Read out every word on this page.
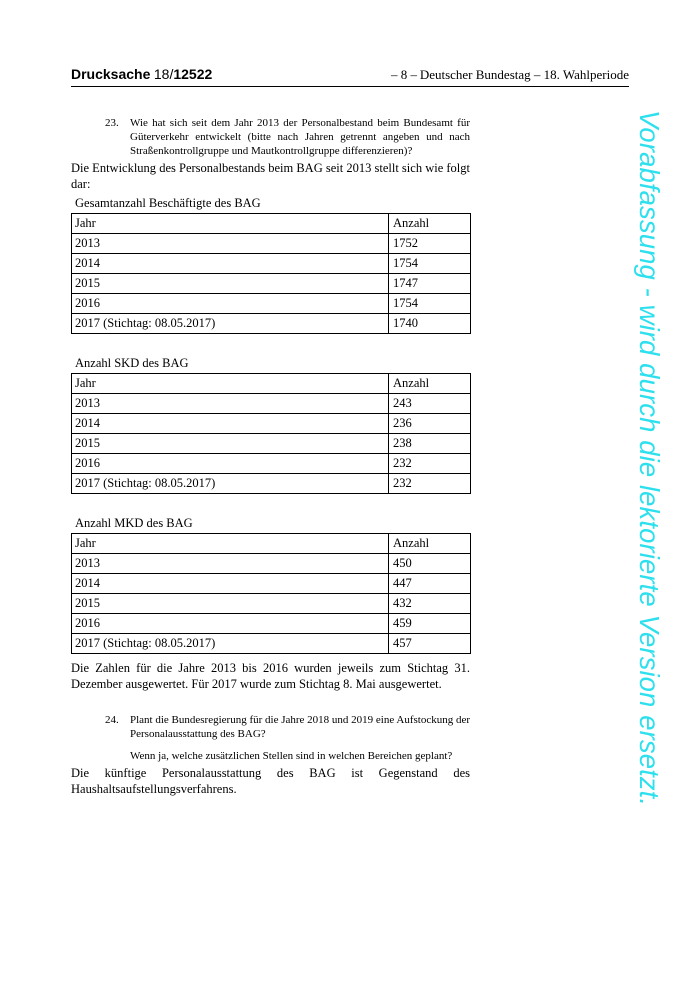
Drucksache 18/12522	– 8 – Deutscher Bundestag – 18. Wahlperiode
23. Wie hat sich seit dem Jahr 2013 der Personalbestand beim Bundesamt für Güterverkehr entwickelt (bitte nach Jahren getrennt angeben und nach Straßenkontrollgruppe und Mautkontrollgruppe differenzieren)?

Die Entwicklung des Personalbestands beim BAG seit 2013 stellt sich wie folgt dar:
Gesamtanzahl Beschäftigte des BAG
Jahr	Anzahl
2013	1752
2014	1754
2015	1747
2016	1754
2017 (Stichtag: 08.05.2017)	1740
Anzahl SKD des BAG
Jahr	Anzahl
2013	243
2014	236
2015	238
2016	232
2017 (Stichtag: 08.05.2017)	232
Anzahl MKD des BAG
Jahr	Anzahl
2013	450
2014	447
2015	432
2016	459
2017 (Stichtag: 08.05.2017)	457
Die Zahlen für die Jahre 2013 bis 2016 wurden jeweils zum Stichtag 31. Dezember ausgewertet. Für 2017 wurde zum Stichtag 8. Mai ausgewertet.
24. Plant die Bundesregierung für die Jahre 2018 und 2019 eine Aufstockung der Personalausstattung des BAG?

Wenn ja, welche zusätzlichen Stellen sind in welchen Bereichen geplant?

Die künftige Personalausstattung des BAG ist Gegenstand des Haushaltsaufstellungsverfahrens.	Vorabfassung - wird durch die lektorierte Version ersetzt.
